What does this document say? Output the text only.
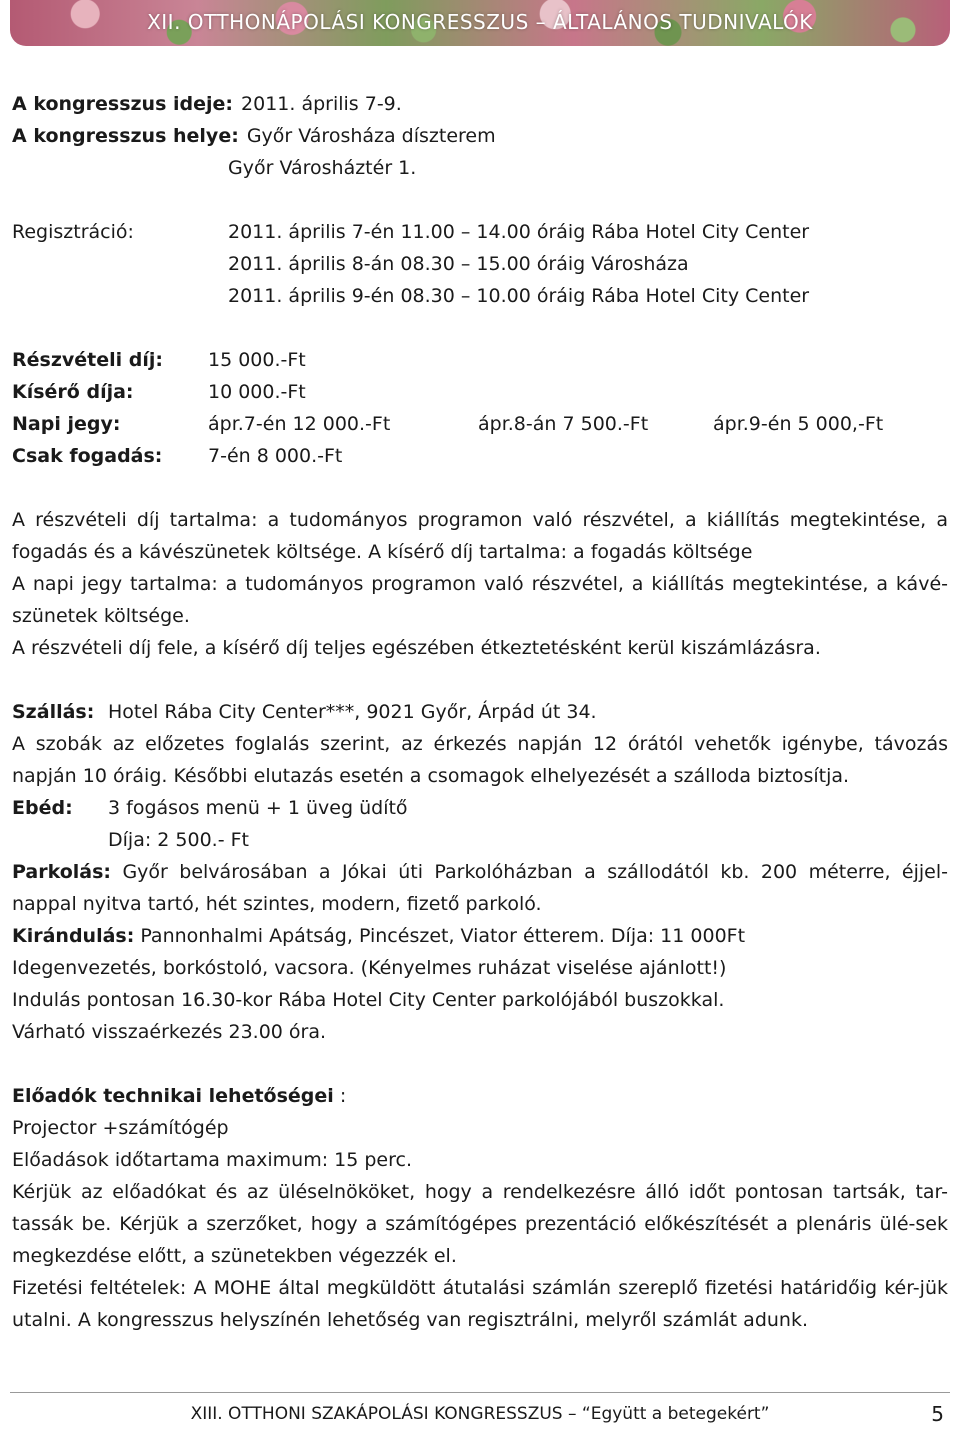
XII. OTTHONÁPOLÁSI KONGRESSZUS – ÁLTALÁNOS TUDNIVALÓK
A kongresszus ideje: 2011. április 7-9.
A kongresszus helye: Győr Városháza díszterem
Győr Városháztér 1.
Regisztráció:	2011. április 7-én 11.00 – 14.00 óráig Rába Hotel City Center
2011. április 8-án 08.30 – 15.00 óráig Városháza
2011. április 9-én 08.30 – 10.00 óráig Rába Hotel City Center
Részvételi díj:	15 000.-Ft
Kísérő díja:	10 000.-Ft
Napi jegy:	ápr.7-én 12 000.-Ft	ápr.8-án 7 500.-Ft	ápr.9-én 5 000,-Ft
Csak fogadás:	7-én 8 000.-Ft
A részvételi díj tartalma: a tudományos programon való részvétel, a kiállítás megtekintése, a fogadás és a kávészünetek költsége. A kísérő díj tartalma: a fogadás költsége
A napi jegy tartalma: a tudományos programon való részvétel, a kiállítás megtekintése, a kávé-szünetek költsége.
A részvételi díj fele, a kísérő díj teljes egészében étkeztetésként kerül kiszámlázásra.
Szállás: Hotel Rába City Center***, 9021 Győr, Árpád út 34.
A szobák az előzetes foglalás szerint, az érkezés napján 12 órától vehetők igénybe, távozás napján 10 óráig. Későbbi elutazás esetén a csomagok elhelyezését a szálloda biztosítja.
Ebéd:	3 fogásos menü + 1 üveg üdítő
Díja: 2 500.- Ft
Parkolás: Győr belvárosában a Jókai úti Parkolóházban a szállodától kb. 200 méterre, éjjel-nappal nyitva tartó, hét szintes, modern, fizető parkoló.
Kirándulás: Pannonhalmi Apátság, Pincészet, Viator étterem. Díja: 11 000Ft
Idegenvezetés, borkóstoló, vacsora. (Kényelmes ruházat viselése ajánlott!)
Indulás pontosan 16.30-kor Rába Hotel City Center parkolójából buszokkal.
Várható visszaérkezés 23.00 óra.
Előadók technikai lehetőségei :
Projector +számítógép
Előadások időtartama maximum: 15 perc.
Kérjük az előadókat és az üléselnököket, hogy a rendelkezésre álló időt pontosan tartsák, tar-tassák be. Kérjük a szerzőket, hogy a számítógépes prezentáció előkészítését a plenáris ülé-sek megkezdése előtt, a szünetekben végezzék el.
Fizetési feltételek: A MOHE által megküldött átutalási számlán szereplő fizetési határidőig kér-jük utalni. A kongresszus helyszínén lehetőség van regisztrálni, melyről számlát adunk.
XIII. OTTHONI SZAKÁPOLÁSI KONGRESSZUS – “Együtt a betegekért”	5
